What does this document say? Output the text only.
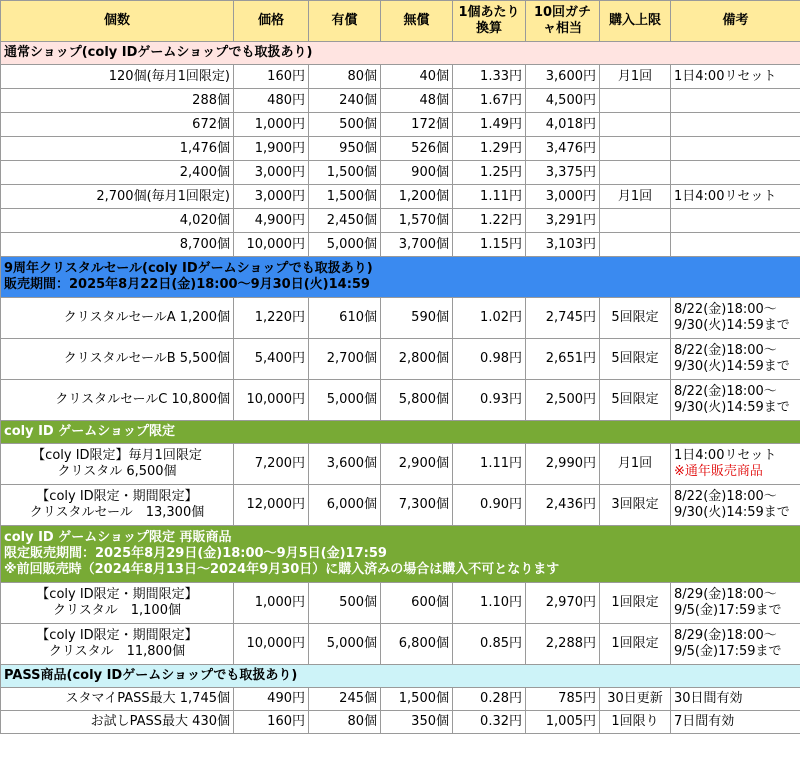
個数	価格	有償	無償	1個あたり換算	10回ガチャ相当	購入上限	備考

通常ショップ(coly IDゲームショップでも取扱あり)							

120個(毎月1回限定)	160円	80個	40個	1.33円	3,600円	月1回	1日4:00リセット

288個	480円	240個	48個	1.67円	4,500円		

672個	1,000円	500個	172個	1.49円	4,018円		

1,476個	1,900円	950個	526個	1.29円	3,476円		

2,400個	3,000円	1,500個	900個	1.25円	3,375円		

2,700個(毎月1回限定)	3,000円	1,500個	1,200個	1.11円	3,000円	月1回	1日4:00リセット

4,020個	4,900円	2,450個	1,570個	1.22円	3,291円		

8,700個	10,000円	5,000個	3,700個	1.15円	3,103円		

9周年クリスタルセール(coly IDゲームショップでも取扱あり)
販売期間：2025年8月22日(金)18:00〜9月30日(火)14:59							

クリスタルセールA 1,200個	1,220円	610個	590個	1.02円	2,745円	5回限定	8/22(金)18:00〜
9/30(火)14:59まで

クリスタルセールB 5,500個	5,400円	2,700個	2,800個	0.98円	2,651円	5回限定	8/22(金)18:00〜
9/30(火)14:59まで

クリスタルセールC 10,800個	10,000円	5,000個	5,800個	0.93円	2,500円	5回限定	8/22(金)18:00〜
9/30(火)14:59まで

coly ID ゲームショップ限定							

【coly ID限定】毎月1回限定
クリスタル 6,500個	7,200円	3,600個	2,900個	1.11円	2,990円	月1回	1日4:00リセット
※通年販売商品

【coly ID限定・期間限定】
クリスタルセール　13,300個	12,000円	6,000個	7,300個	0.90円	2,436円	3回限定	8/22(金)18:00〜
9/30(火)14:59まで

coly ID ゲームショップ限定 再販商品
限定販売期間：2025年8月29日(金)18:00〜9月5日(金)17:59
※前回販売時（2024年8月13日〜2024年9月30日）に購入済みの場合は購入不可となります							

【coly ID限定・期間限定】
クリスタル　1,100個	1,000円	500個	600個	1.10円	2,970円	1回限定	8/29(金)18:00〜
9/5(金)17:59まで

【coly ID限定・期間限定】
クリスタル　11,800個	10,000円	5,000個	6,800個	0.85円	2,288円	1回限定	8/29(金)18:00〜
9/5(金)17:59まで

PASS商品(coly IDゲームショップでも取扱あり)							

スタマイPASS最大 1,745個	490円	245個	1,500個	0.28円	785円	30日更新	30日間有効

お試しPASS最大 430個	160円	80個	350個	0.32円	1,005円	1回限り	7日間有効
